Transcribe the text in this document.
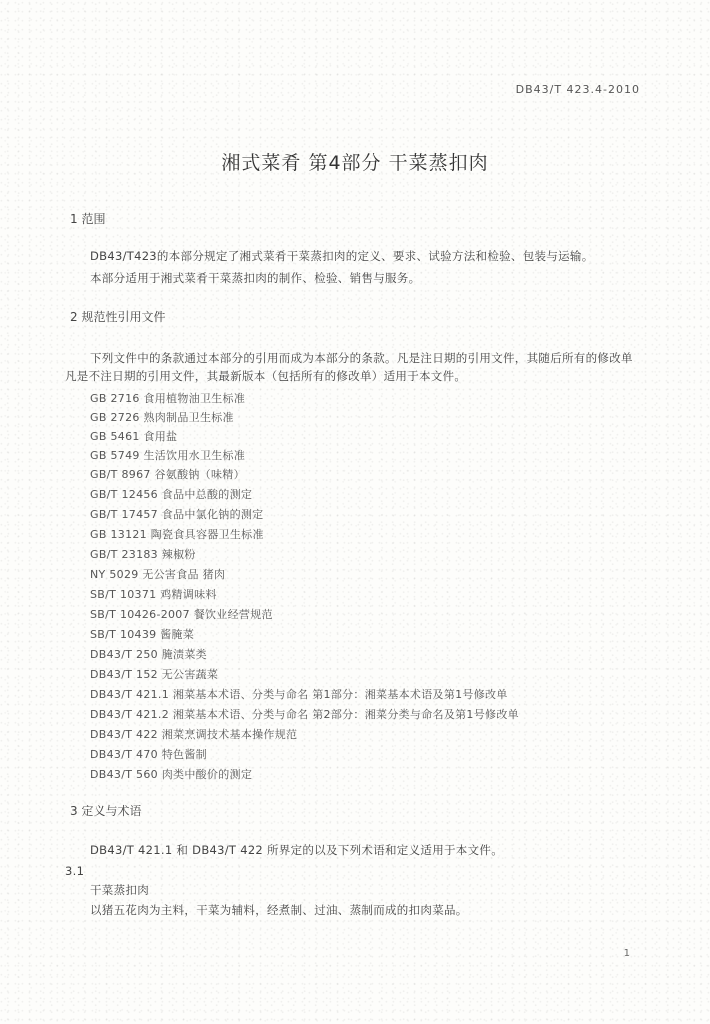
DB43/T 423.4-2010
湘式菜肴 第4部分 干菜蒸扣肉
1 范围
DB43/T423的本部分规定了湘式菜肴干菜蒸扣肉的定义、要求、试验方法和检验、包装与运输。
本部分适用于湘式菜肴干菜蒸扣肉的制作、检验、销售与服务。
2 规范性引用文件
下列文件中的条款通过本部分的引用而成为本部分的条款。凡是注日期的引用文件，其随后所有的修改单
凡是不注日期的引用文件，其最新版本（包括所有的修改单）适用于本文件。
GB 2716 食用植物油卫生标准
GB 2726 熟肉制品卫生标准
GB 5461 食用盐
GB 5749 生活饮用水卫生标准
GB/T 8967 谷氨酸钠（味精）
GB/T 12456 食品中总酸的测定
GB/T 17457 食品中氯化钠的测定
GB 13121 陶瓷食具容器卫生标准
GB/T 23183 辣椒粉
NY 5029 无公害食品 猪肉
SB/T 10371 鸡精调味料
SB/T 10426-2007 餐饮业经营规范
SB/T 10439 酱腌菜
DB43/T 250 腌渍菜类
DB43/T 152 无公害蔬菜
DB43/T 421.1 湘菜基本术语、分类与命名 第1部分：湘菜基本术语及第1号修改单
DB43/T 421.2 湘菜基本术语、分类与命名 第2部分：湘菜分类与命名及第1号修改单
DB43/T 422 湘菜烹调技术基本操作规范
DB43/T 470 特色酱制
DB43/T 560 肉类中酸价的测定
3 定义与术语
DB43/T 421.1 和 DB43/T 422 所界定的以及下列术语和定义适用于本文件。
3.1
干菜蒸扣肉
以猪五花肉为主料，干菜为辅料，经煮制、过油、蒸制而成的扣肉菜品。
1
